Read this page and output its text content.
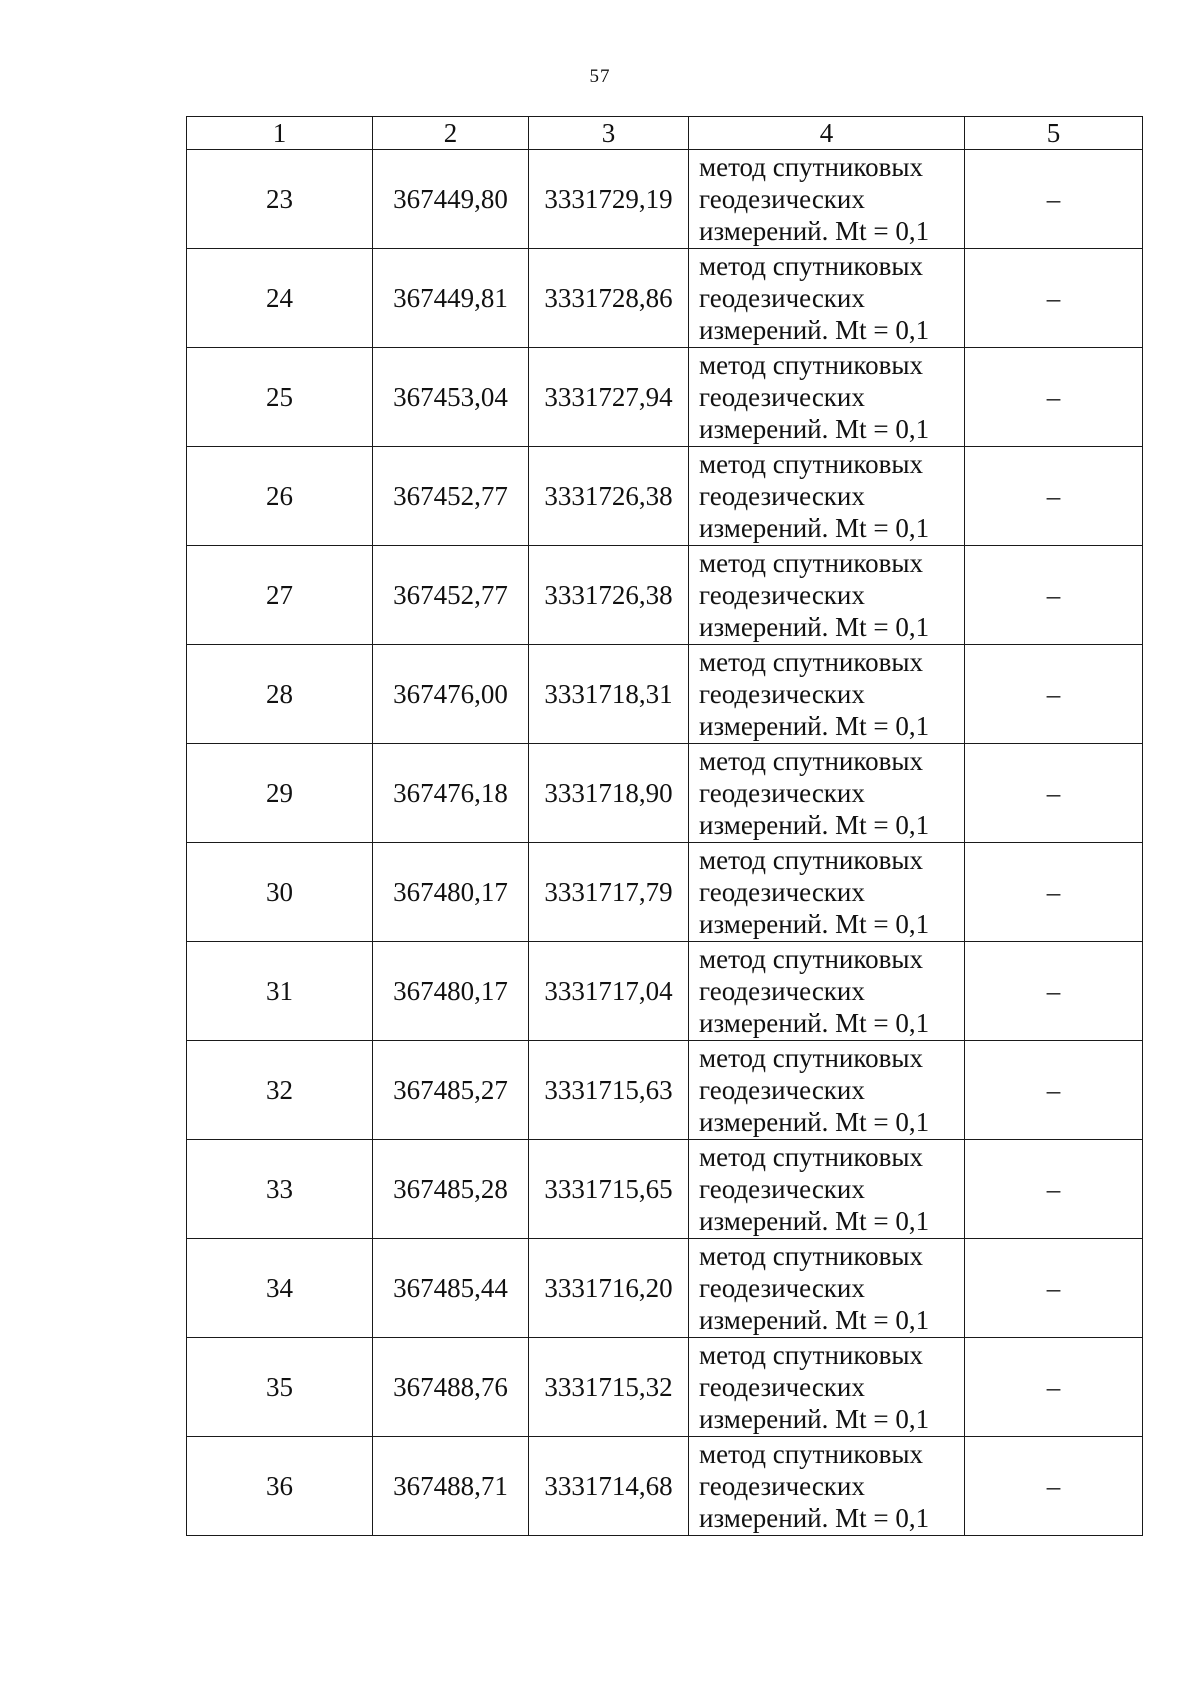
57
1	2	3	4	5
23	367449,80	3331729,19	метод спутниковых
геодезических
измерений. Mt = 0,1	–
24	367449,81	3331728,86	метод спутниковых
геодезических
измерений. Mt = 0,1	–
25	367453,04	3331727,94	метод спутниковых
геодезических
измерений. Mt = 0,1	–
26	367452,77	3331726,38	метод спутниковых
геодезических
измерений. Mt = 0,1	–
27	367452,77	3331726,38	метод спутниковых
геодезических
измерений. Mt = 0,1	–
28	367476,00	3331718,31	метод спутниковых
геодезических
измерений. Mt = 0,1	–
29	367476,18	3331718,90	метод спутниковых
геодезических
измерений. Mt = 0,1	–
30	367480,17	3331717,79	метод спутниковых
геодезических
измерений. Mt = 0,1	–
31	367480,17	3331717,04	метод спутниковых
геодезических
измерений. Mt = 0,1	–
32	367485,27	3331715,63	метод спутниковых
геодезических
измерений. Mt = 0,1	–
33	367485,28	3331715,65	метод спутниковых
геодезических
измерений. Mt = 0,1	–
34	367485,44	3331716,20	метод спутниковых
геодезических
измерений. Mt = 0,1	–
35	367488,76	3331715,32	метод спутниковых
геодезических
измерений. Mt = 0,1	–
36	367488,71	3331714,68	метод спутниковых
геодезических
измерений. Mt = 0,1	–
